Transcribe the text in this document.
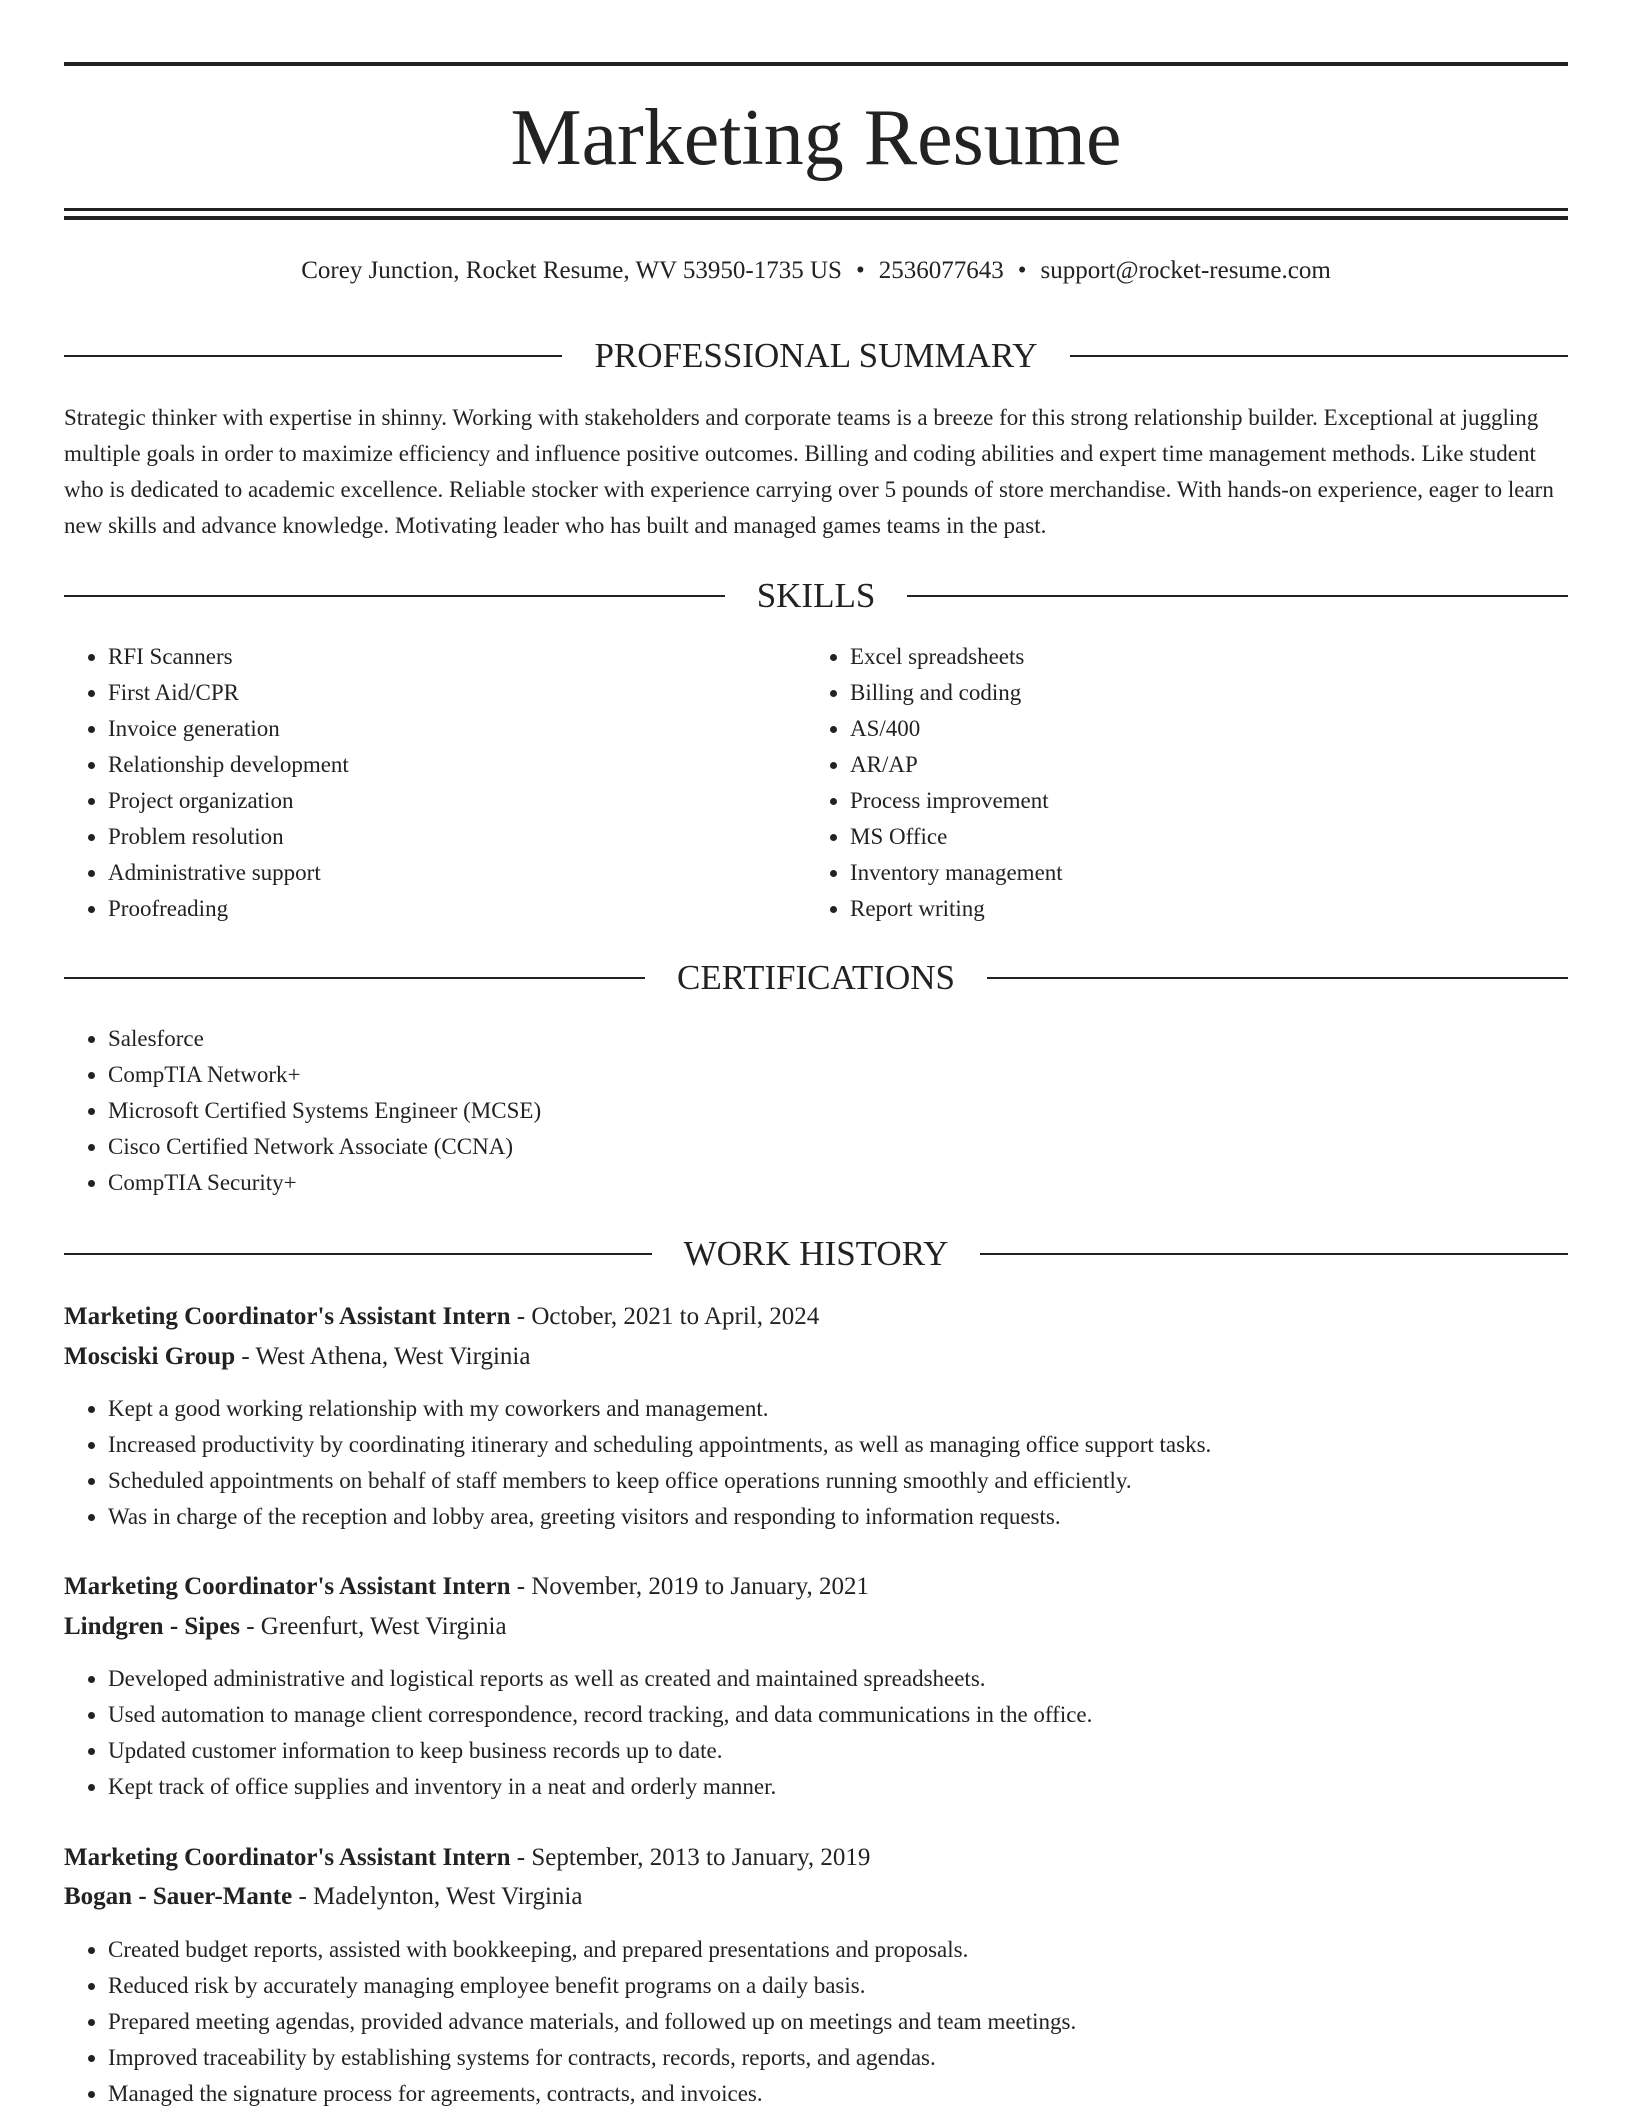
Marketing Resume
Corey Junction, Rocket Resume, WV 53950-1735 US • 2536077643 • support@rocket-resume.com
PROFESSIONAL SUMMARY

Strategic thinker with expertise in shinny. Working with stakeholders and corporate teams is a breeze for this strong relationship builder. Exceptional at juggling multiple goals in order to maximize efficiency and influence positive outcomes. Billing and coding abilities and expert time management methods. Like student who is dedicated to academic excellence. Reliable stocker with experience carrying over 5 pounds of store merchandise. With hands-on experience, eager to learn new skills and advance knowledge. Motivating leader who has built and managed games teams in the past.

SKILLS
• RFI Scanners
• First Aid/CPR
• Invoice generation
• Relationship development
• Project organization
• Problem resolution
• Administrative support
• Proofreading
• Excel spreadsheets
• Billing and coding
• AS/400
• AR/AP
• Process improvement
• MS Office
• Inventory management
• Report writing
CERTIFICATIONS
• Salesforce
• CompTIA Network+
• Microsoft Certified Systems Engineer (MCSE)
• Cisco Certified Network Associate (CCNA)
• CompTIA Security+
WORK HISTORY
Marketing Coordinator's Assistant Intern - October, 2021 to April, 2024
Mosciski Group - West Athena, West Virginia
• Kept a good working relationship with my coworkers and management.
• Increased productivity by coordinating itinerary and scheduling appointments, as well as managing office support tasks.
• Scheduled appointments on behalf of staff members to keep office operations running smoothly and efficiently.
• Was in charge of the reception and lobby area, greeting visitors and responding to information requests.
Marketing Coordinator's Assistant Intern - November, 2019 to January, 2021
Lindgren - Sipes - Greenfurt, West Virginia
• Developed administrative and logistical reports as well as created and maintained spreadsheets.
• Used automation to manage client correspondence, record tracking, and data communications in the office.
• Updated customer information to keep business records up to date.
• Kept track of office supplies and inventory in a neat and orderly manner.
Marketing Coordinator's Assistant Intern - September, 2013 to January, 2019
Bogan - Sauer-Mante - Madelynton, West Virginia
• Created budget reports, assisted with bookkeeping, and prepared presentations and proposals.
• Reduced risk by accurately managing employee benefit programs on a daily basis.
• Prepared meeting agendas, provided advance materials, and followed up on meetings and team meetings.
• Improved traceability by establishing systems for contracts, records, reports, and agendas.
• Managed the signature process for agreements, contracts, and invoices.
